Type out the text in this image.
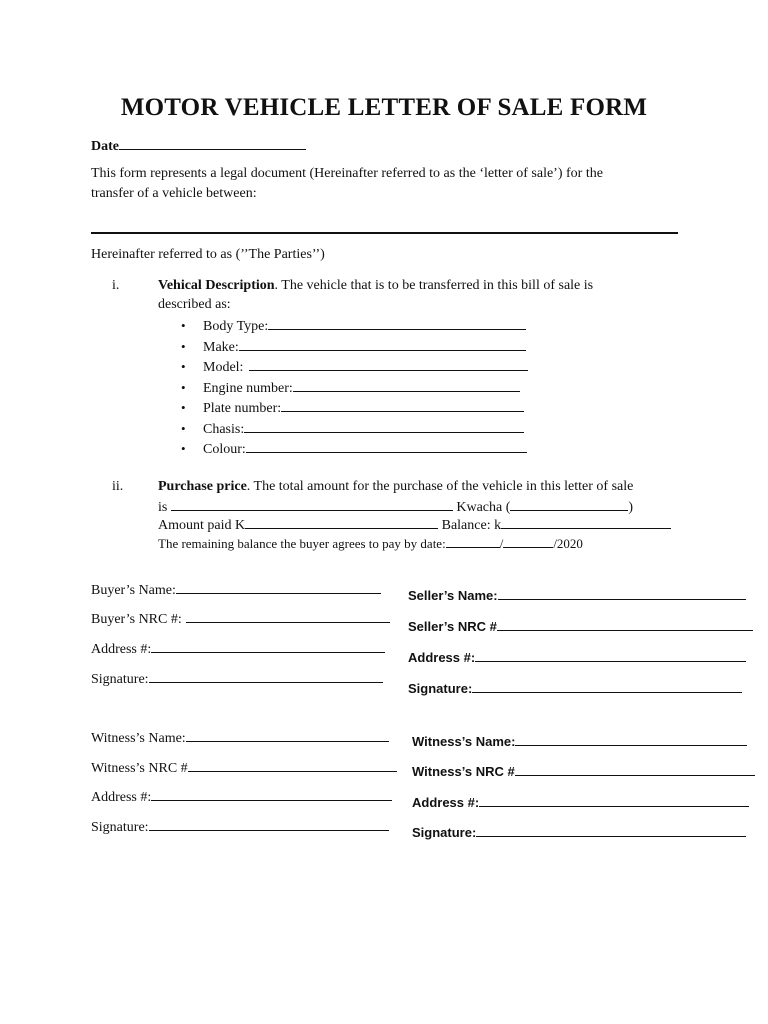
MOTOR VEHICLE LETTER OF SALE FORM
Date
This form represents a legal document (Hereinafter referred to as the ‘letter of sale’) for the
transfer of a vehicle between:
Hereinafter referred to as (’’The Parties’’)
i.	Vehical Description. The vehicle that is to be transferred in this bill of sale is
described as:
• Body Type:
• Make:
• Model:
• Engine number:
• Plate number:
• Chasis:
• Colour:
ii. Purchase price. The total amount for the purchase of the vehicle in this letter of sale
is	Kwacha (	)
Amount paid K	Balance: k
The remaining balance the buyer agrees to pay by date:	/	/2020
Buyer’s Name:
Buyer’s NRC #:
Address #:
Signature:
Seller’s Name:
Seller’s NRC #
Address #:
Signature:
Witness’s Name:
Witness’s NRC #
Address #:
Signature:
Witness’s Name:
Witness’s NRC #
Address #:
Signature:
